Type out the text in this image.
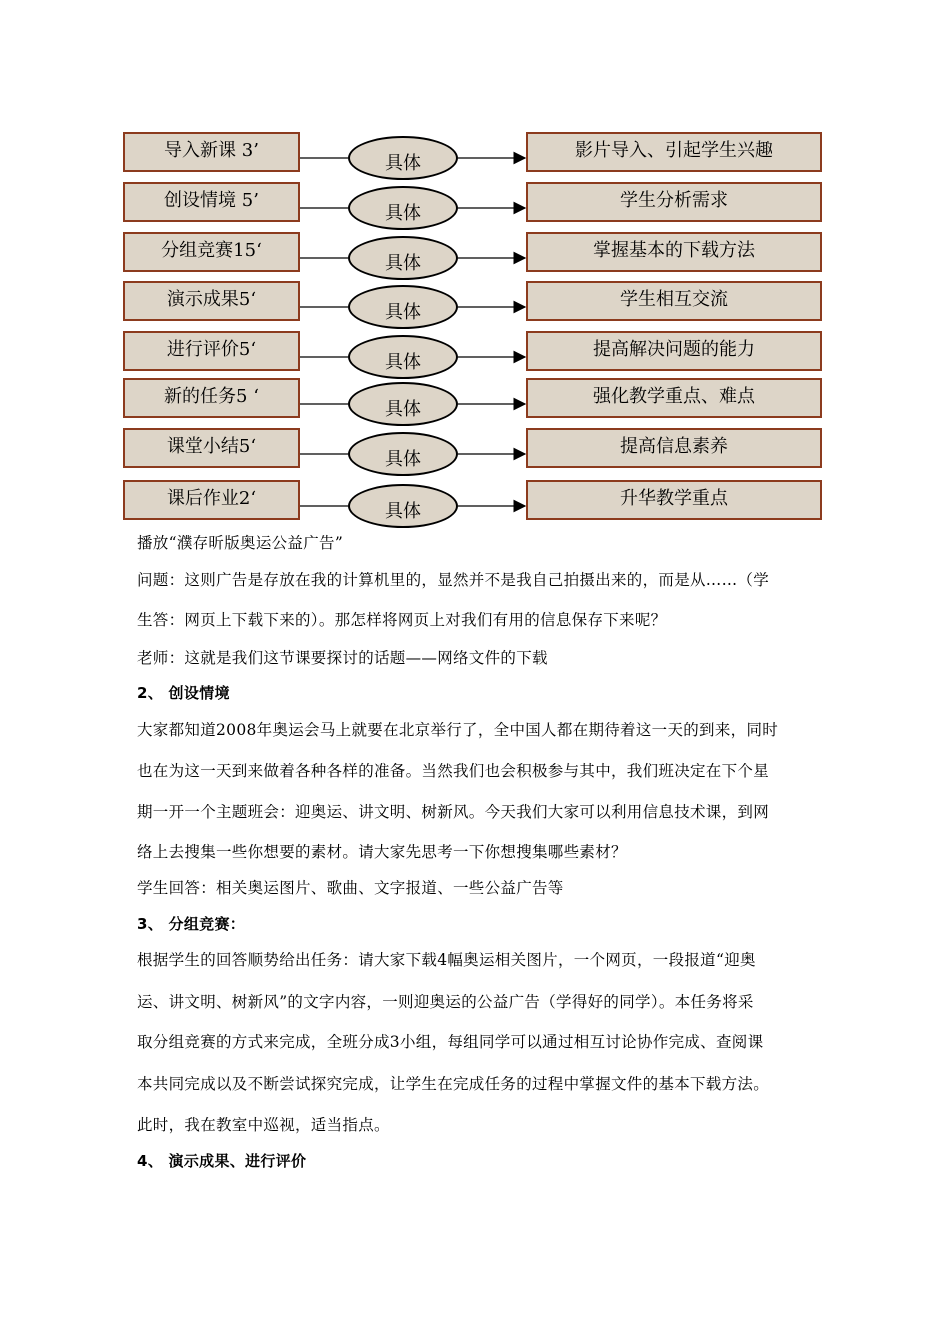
导入新课 3’
具体
影片导入、引起学生兴趣
创设情境 5’
具体
学生分析需求
分组竞赛15‘
具体
掌握基本的下载方法
演示成果5‘
具体
学生相互交流
进行评价5‘
具体
提高解决问题的能力
新的任务5 ‘
具体
强化教学重点、难点
课堂小结5‘
具体
提高信息素养
课后作业2‘
具体
升华教学重点
播放“濮存昕版奥运公益广告”
问题：这则广告是存放在我的计算机里的，显然并不是我自己拍摄出来的，而是从……（学
生答：网页上下载下来的）。那怎样将网页上对我们有用的信息保存下来呢？
老师：这就是我们这节课要探讨的话题——网络文件的下载
2、 创设情境
大家都知道2008年奥运会马上就要在北京举行了，全中国人都在期待着这一天的到来，同时
也在为这一天到来做着各种各样的准备。当然我们也会积极参与其中，我们班决定在下个星
期一开一个主题班会：迎奥运、讲文明、树新风。今天我们大家可以利用信息技术课，到网
络上去搜集一些你想要的素材。请大家先思考一下你想搜集哪些素材？
学生回答：相关奥运图片、歌曲、文字报道、一些公益广告等
3、 分组竞赛：
根据学生的回答顺势给出任务：请大家下载4幅奥运相关图片，一个网页，一段报道“迎奥
运、讲文明、树新风”的文字内容，一则迎奥运的公益广告（学得好的同学）。本任务将采
取分组竞赛的方式来完成，全班分成3小组，每组同学可以通过相互讨论协作完成、查阅课
本共同完成以及不断尝试探究完成，让学生在完成任务的过程中掌握文件的基本下载方法。
此时，我在教室中巡视，适当指点。
4、 演示成果、进行评价
